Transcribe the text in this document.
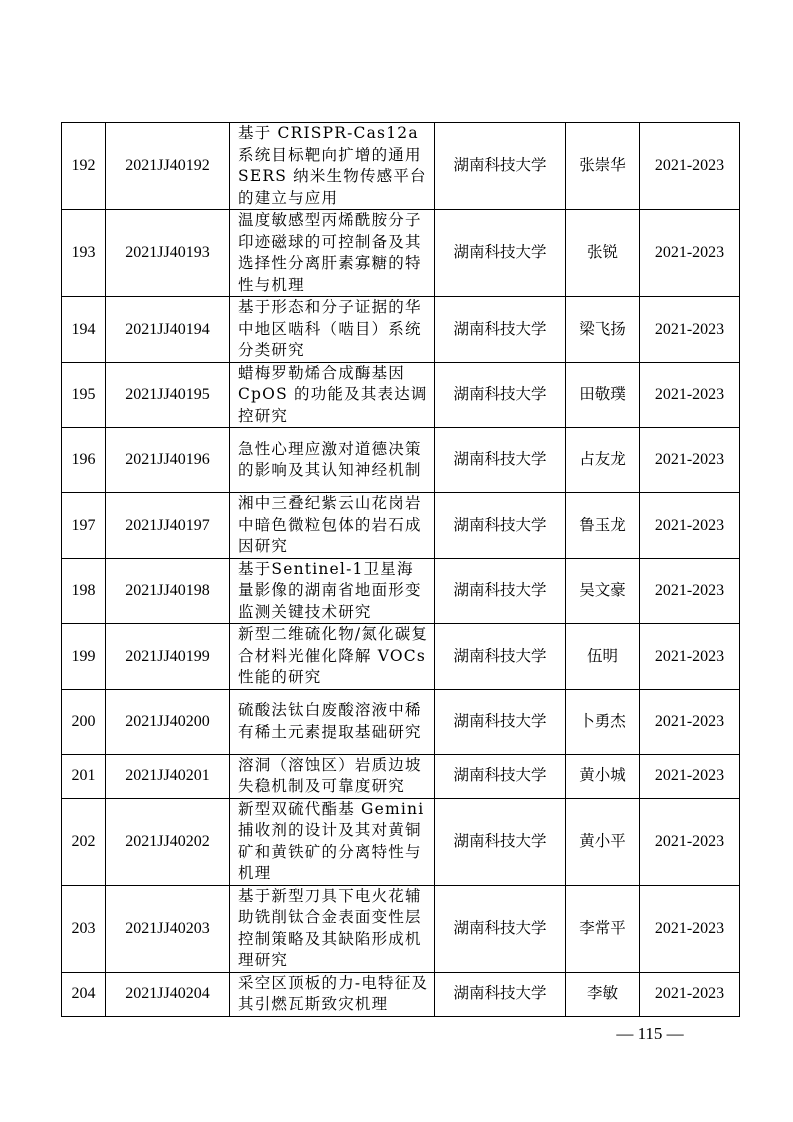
192	2021JJ40192	基于 CRISPR-Cas12a 系统目标靶向扩增的通用 SERS 纳米生物传感平台的建立与应用	湖南科技大学	张崇华	2021-2023
193	2021JJ40193	温度敏感型丙烯酰胺分子印迹磁球的可控制备及其选择性分离肝素寡糖的特性与机理	湖南科技大学	张锐	2021-2023
194	2021JJ40194	基于形态和分子证据的华中地区啮科（啮目）系统分类研究	湖南科技大学	梁飞扬	2021-2023
195	2021JJ40195	蜡梅罗勒烯合成酶基因 CpOS 的功能及其表达调控研究	湖南科技大学	田敬璞	2021-2023
196	2021JJ40196	急性心理应激对道德决策的影响及其认知神经机制	湖南科技大学	占友龙	2021-2023
197	2021JJ40197	湘中三叠纪紫云山花岗岩中暗色微粒包体的岩石成因研究	湖南科技大学	鲁玉龙	2021-2023
198	2021JJ40198	基于Sentinel-1卫星海量影像的湖南省地面形变监测关键技术研究	湖南科技大学	吴文豪	2021-2023
199	2021JJ40199	新型二维硫化物/氮化碳复合材料光催化降解 VOCs 性能的研究	湖南科技大学	伍明	2021-2023
200	2021JJ40200	硫酸法钛白废酸溶液中稀有稀土元素提取基础研究	湖南科技大学	卜勇杰	2021-2023
201	2021JJ40201	溶洞（溶蚀区）岩质边坡失稳机制及可靠度研究	湖南科技大学	黄小城	2021-2023
202	2021JJ40202	新型双硫代酯基 Gemini 捕收剂的设计及其对黄铜矿和黄铁矿的分离特性与机理	湖南科技大学	黄小平	2021-2023
203	2021JJ40203	基于新型刀具下电火花辅助铣削钛合金表面变性层控制策略及其缺陷形成机理研究	湖南科技大学	李常平	2021-2023
204	2021JJ40204	采空区顶板的力-电特征及其引燃瓦斯致灾机理	湖南科技大学	李敏	2021-2023
— 115 —
